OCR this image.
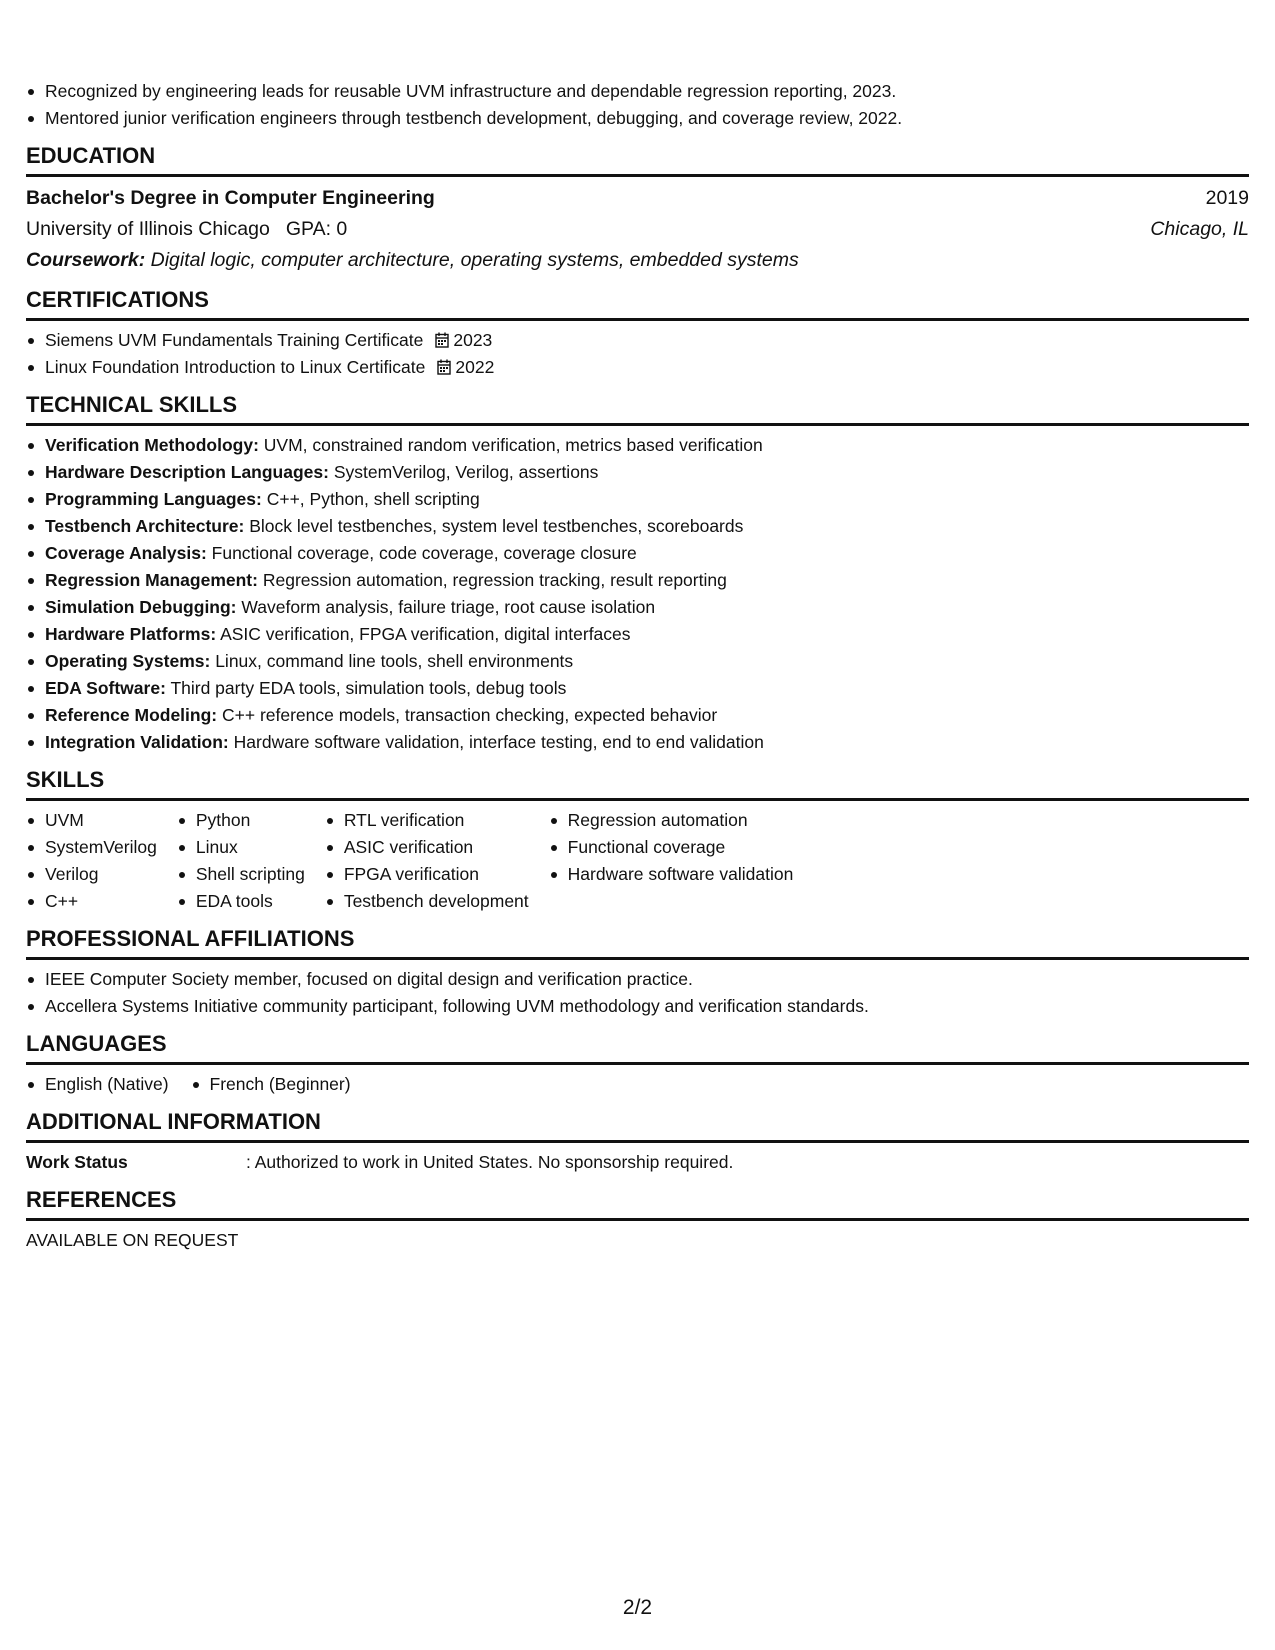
Recognized by engineering leads for reusable UVM infrastructure and dependable regression reporting, 2023.
Mentored junior verification engineers through testbench development, debugging, and coverage review, 2022.
EDUCATION
Bachelor's Degree in Computer Engineering	2019
University of Illinois Chicago GPA: 0	Chicago, IL
Coursework: Digital logic, computer architecture, operating systems, embedded systems
CERTIFICATIONS
Siemens UVM Fundamentals Training Certificate 2023
Linux Foundation Introduction to Linux Certificate 2022
TECHNICAL SKILLS
Verification Methodology: UVM, constrained random verification, metrics based verification
Hardware Description Languages: SystemVerilog, Verilog, assertions
Programming Languages: C++, Python, shell scripting
Testbench Architecture: Block level testbenches, system level testbenches, scoreboards
Coverage Analysis: Functional coverage, code coverage, coverage closure
Regression Management: Regression automation, regression tracking, result reporting
Simulation Debugging: Waveform analysis, failure triage, root cause isolation
Hardware Platforms: ASIC verification, FPGA verification, digital interfaces
Operating Systems: Linux, command line tools, shell environments
EDA Software: Third party EDA tools, simulation tools, debug tools
Reference Modeling: C++ reference models, transaction checking, expected behavior
Integration Validation: Hardware software validation, interface testing, end to end validation
SKILLS
UVM
SystemVerilog
Verilog
C++
Python
Linux
Shell scripting
EDA tools
RTL verification
ASIC verification
FPGA verification
Testbench development
Regression automation
Functional coverage
Hardware software validation
PROFESSIONAL AFFILIATIONS
IEEE Computer Society member, focused on digital design and verification practice.
Accellera Systems Initiative community participant, following UVM methodology and verification standards.
LANGUAGES
English (Native)	French (Beginner)
ADDITIONAL INFORMATION
Work Status	: Authorized to work in United States. No sponsorship required.
REFERENCES
AVAILABLE ON REQUEST
2/2
